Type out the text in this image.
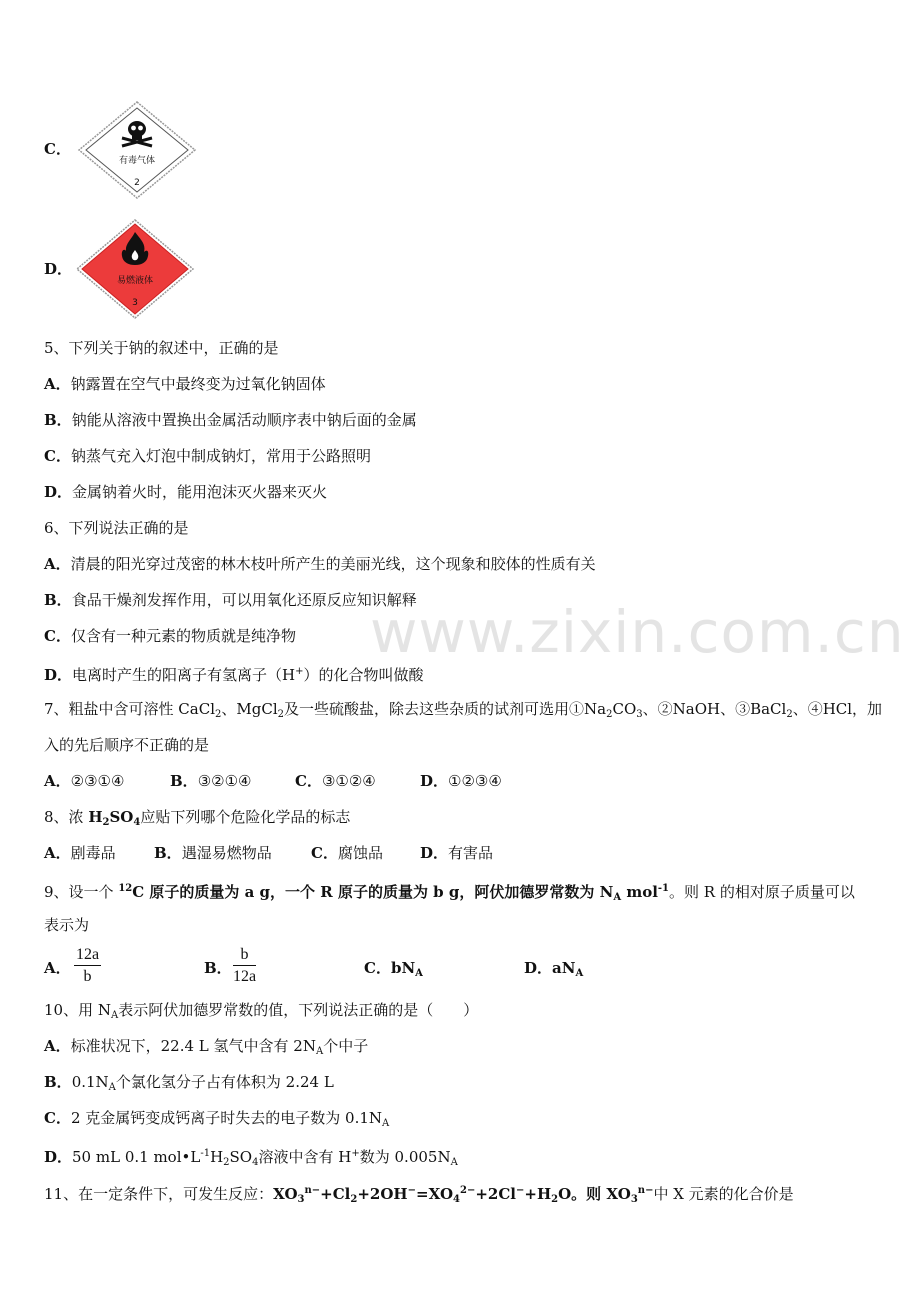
www.zixin.com.cn
C．
有毒气体
2
D．
易燃液体
3
5、下列关于钠的叙述中，正确的是
A．钠露置在空气中最终变为过氧化钠固体
B．钠能从溶液中置换出金属活动顺序表中钠后面的金属
C．钠蒸气充入灯泡中制成钠灯，常用于公路照明
D．金属钠着火时，能用泡沫灭火器来灭火
6、下列说法正确的是
A．清晨的阳光穿过茂密的林木枝叶所产生的美丽光线，这个现象和胶体的性质有关
B．食品干燥剂发挥作用，可以用氧化还原反应知识解释
C．仅含有一种元素的物质就是纯净物
D．电离时产生的阳离子有氢离子（H+）的化合物叫做酸
7、粗盐中含可溶性 CaCl$_2$、MgCl$_2$及一些硫酸盐，除去这些杂质的试剂可选用$①Na_2CO_3$、②NaOH、③BaCl$_2$、④HCl，加
入的先后顺序不正确的是
A．②③①④	B．③②①④	C．③①②④	D．①②③④
8、浓 $H_2SO_4$应贴下列哪个危险化学品的标志
A．剧毒品	B．遇湿易燃物品	C．腐蚀品 D．有害品
9、设一个 $^{12}$C 原子的质量为 a g，一个 R 原子的质量为 b g，阿伏加德罗常数为 $N_A$ mol$^{-1}$。则 R 的相对原子质量可以
表示为
A．
12a
b	B．
b
12a	C．$bN_A$	D．$aN_A$
10、用 $N_A$表示阿伏加德罗常数的值，下列说法正确的是（　　）
A．标准状况下，22.4 L 氢气中含有 $2N_A$个中子
B．$0.1N_A$个氯化氢分子占有体积为 2.24 L
C．2 克金属钙变成钙离子时失去的电子数为 $0.1N_A$
D．50 mL 0.1 $mol•L^{-1}H_2SO_4$溶液中含有 H+数为 $0.005N_A$
11、在一定条件下，可发生反应：$XO_3^{n-}+Cl_2+2OH^-=XO_4^{2-}+2Cl^-+H_2O$。则 $XO_3^{n-}$中 X 元素的化合价是
